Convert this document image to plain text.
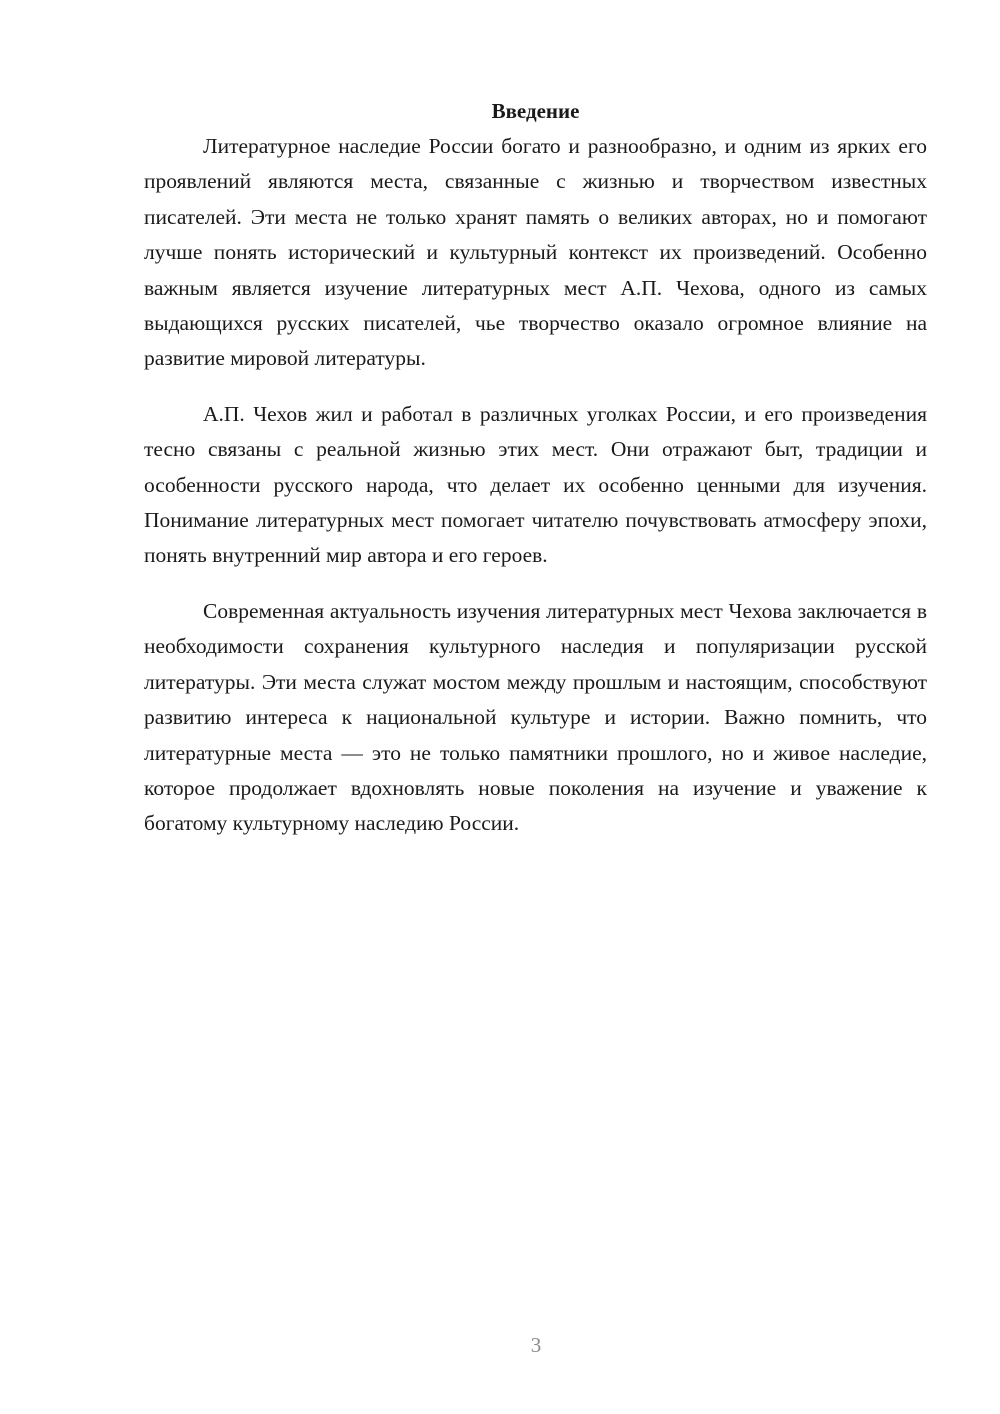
Введение

Литературное наследие России богато и разнообразно, и одним из ярких его проявлений являются места, связанные с жизнью и творчеством известных писателей. Эти места не только хранят память о великих авторах, но и помогают лучше понять исторический и культурный контекст их произведений. Особенно важным является изучение литературных мест А.П. Чехова, одного из самых выдающихся русских писателей, чье творчество оказало огромное влияние на развитие мировой литературы.

А.П. Чехов жил и работал в различных уголках России, и его произведения тесно связаны с реальной жизнью этих мест. Они отражают быт, традиции и особенности русского народа, что делает их особенно ценными для изучения. Понимание литературных мест помогает читателю почувствовать атмосферу эпохи, понять внутренний мир автора и его героев.

Современная актуальность изучения литературных мест Чехова заключается в необходимости сохранения культурного наследия и популяризации русской литературы. Эти места служат мостом между прошлым и настоящим, способствуют развитию интереса к национальной культуре и истории. Важно помнить, что литературные места — это не только памятники прошлого, но и живое наследие, которое продолжает вдохновлять новые поколения на изучение и уважение к богатому культурному наследию России.

3
